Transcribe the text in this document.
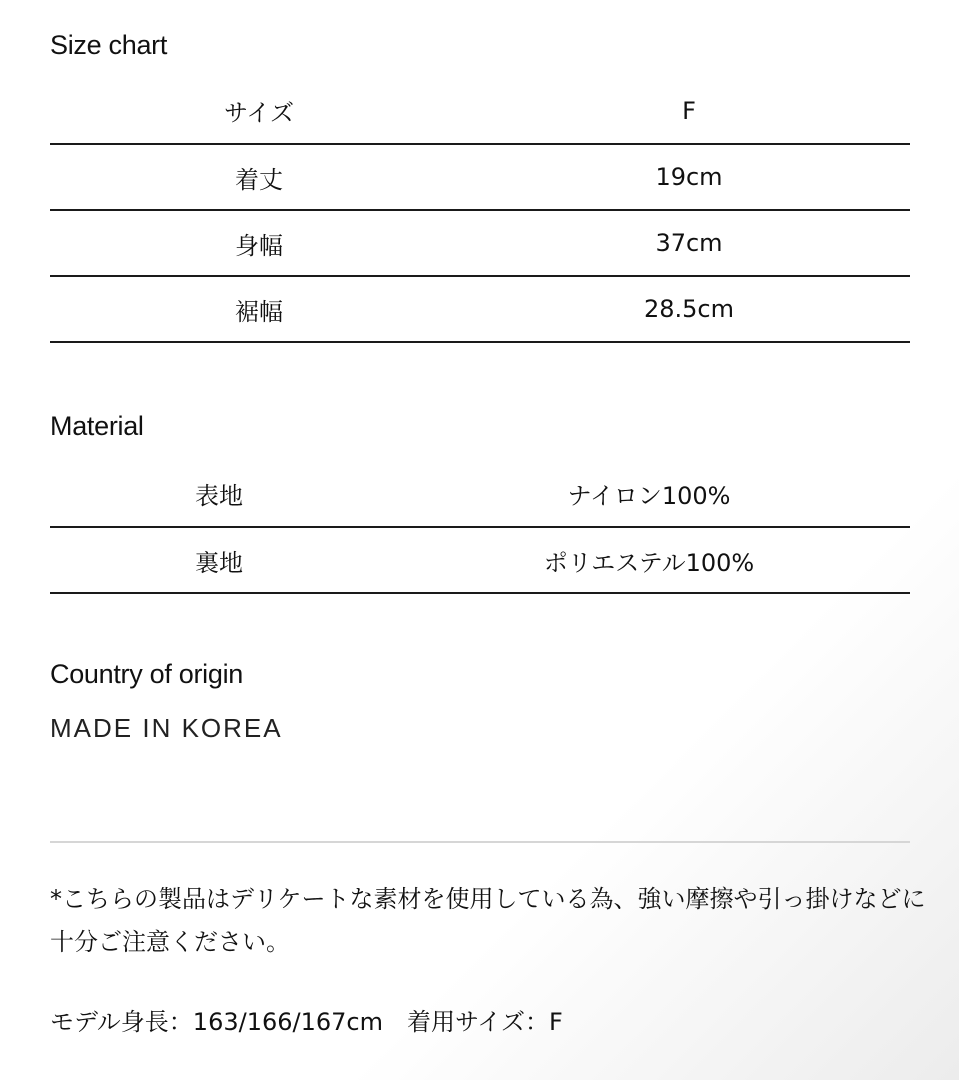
Size chart
サイズ	F
着丈	19cm
身幅	37cm
裾幅	28.5cm
Material
表地	ナイロン100%
裏地	ポリエステル100%
Country of origin
MADE IN KOREA
*こちらの製品はデリケートな素材を使用している為、強い摩擦や引っ掛けなどに十分ご注意ください。
モデル身長：163/166/167cm　着用サイズ：F
